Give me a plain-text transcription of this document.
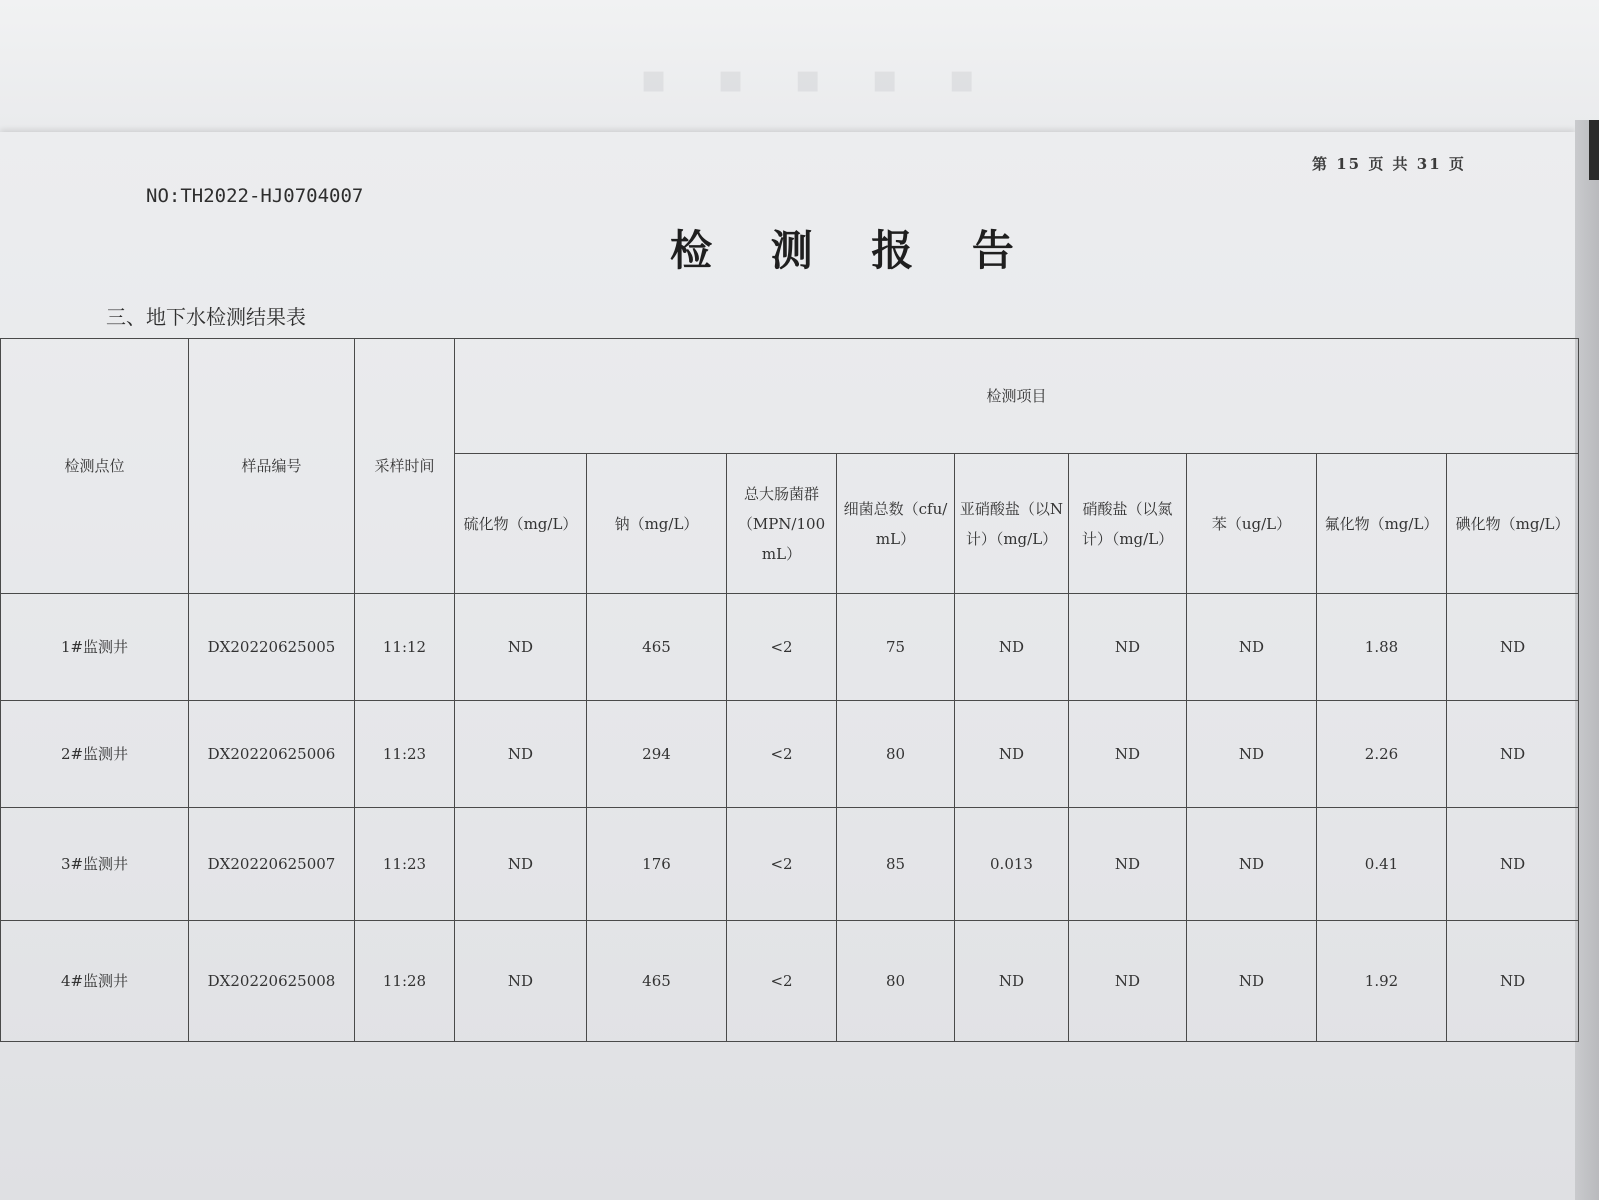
▪ ▪ ▪ ▪ ▪
第 15 页 共 31 页
NO:TH2022-HJ0704007
检 测 报 告
三、地下水检测结果表
检测点位	样品编号	采样时间	检测项目								
			硫化物（mg/L）	钠（mg/L）	总大肠菌群（MPN/100mL）	细菌总数（cfu/mL）	亚硝酸盐（以N计）（mg/L）	硝酸盐（以氮计）（mg/L）	苯（ug/L）	氟化物（mg/L）	碘化物（mg/L）
1#监测井	DX20220625005	11:12	ND	465	<2	75	ND	ND	ND	1.88	ND
2#监测井	DX20220625006	11:23	ND	294	<2	80	ND	ND	ND	2.26	ND
3#监测井	DX20220625007	11:23	ND	176	<2	85	0.013	ND	ND	0.41	ND
4#监测井	DX20220625008	11:28	ND	465	<2	80	ND	ND	ND	1.92	ND
